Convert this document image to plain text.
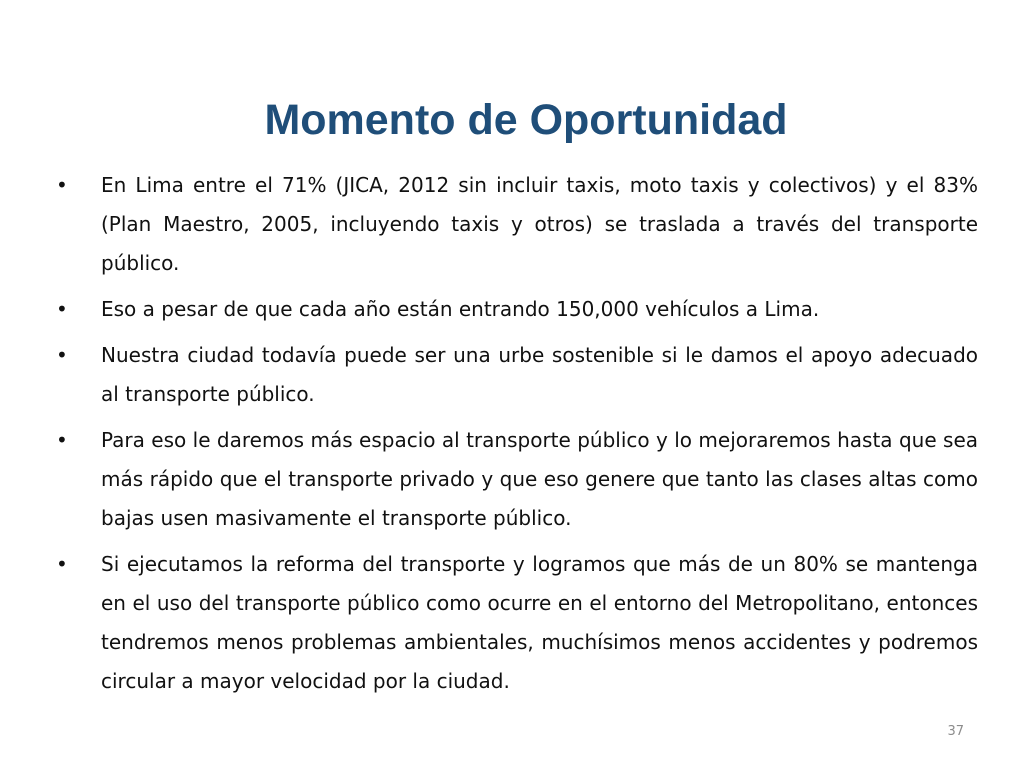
Momento de Oportunidad
• En Lima entre el 71% (JICA, 2012 sin incluir taxis, moto taxis y colectivos) y el 83% (Plan Maestro, 2005, incluyendo taxis y otros) se traslada a través del transporte público.
• Eso a pesar de que cada año están entrando 150,000 vehículos a Lima.
• Nuestra ciudad todavía puede ser una urbe sostenible si le damos el apoyo adecuado al transporte público.
• Para eso le daremos más espacio al transporte público y lo mejoraremos hasta que sea más rápido que el transporte privado y que eso genere que tanto las clases altas como bajas usen masivamente el transporte público.
• Si ejecutamos la reforma del transporte y logramos que más de un 80% se mantenga en el uso del transporte público como ocurre en el entorno del Metropolitano, entonces tendremos menos problemas ambientales, muchísimos menos accidentes y podremos circular a mayor velocidad por la ciudad.
37
